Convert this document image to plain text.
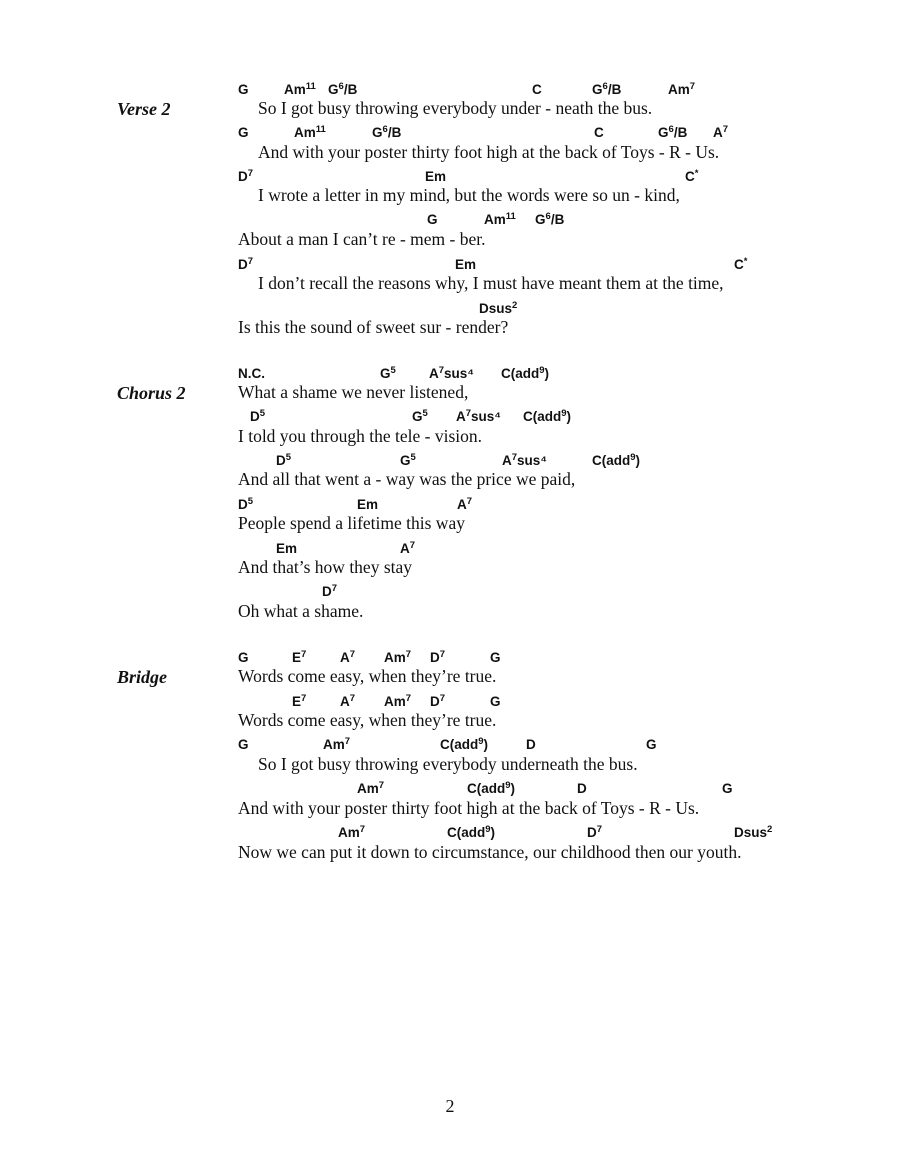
Verse 2
G	Am$^{11}$ $G^6/B$	C	$G^6/B$	Am$^7$
So I got busy throwing everybody under - neath the bus.
G	Am$^{11}$	$G^6/B$	C	$G^6/B$ $A^7$
And with your poster thirty foot high at the back of Toys - R - Us.
$D^7$	Em	C*
I wrote a letter in my mind, but the words were so un - kind,
G	Am$^{11}$ $G^6/B$
About a man I can’t re - mem - ber.
$D^7$	Em	C*
I don’t recall the reasons why, I must have meant them at the time,
Dsus$^2$
Is this the sound of sweet sur - render?
Chorus 2
N.C.	$G^5$ $A^7sus^4$ C(add$^9$)
What a shame we never listened,
$D^5$	$G^5$ $A^7sus^4$ C(add$^9$)
I told you through the tele - vision.
$D^5$	$G^5$	$A^7sus^4$	C(add$^9$)
And all that went a - way was the price we paid,
$D^5$	Em	$A^7$
People spend a lifetime this way
Em	$A^7$
And that’s how they stay
$D^7$
Oh what a shame.
Bridge
G	$E^7$ $A^7$ Am$^7$ $D^7$	G
Words come easy, when they’re true.
$E^7$ $A^7$ Am$^7$ $D^7$	G
Words come easy, when they’re true.
G	Am$^7$	C(add$^9$)	D	G
So I got busy throwing everybody underneath the bus.
Am$^7$	C(add$^9$)	D	G
And with your poster thirty foot high at the back of Toys - R - Us.
Am$^7$	C(add$^9$)	$D^7$	Dsus$^2$
Now we can put it down to circumstance, our childhood then our youth.
2
